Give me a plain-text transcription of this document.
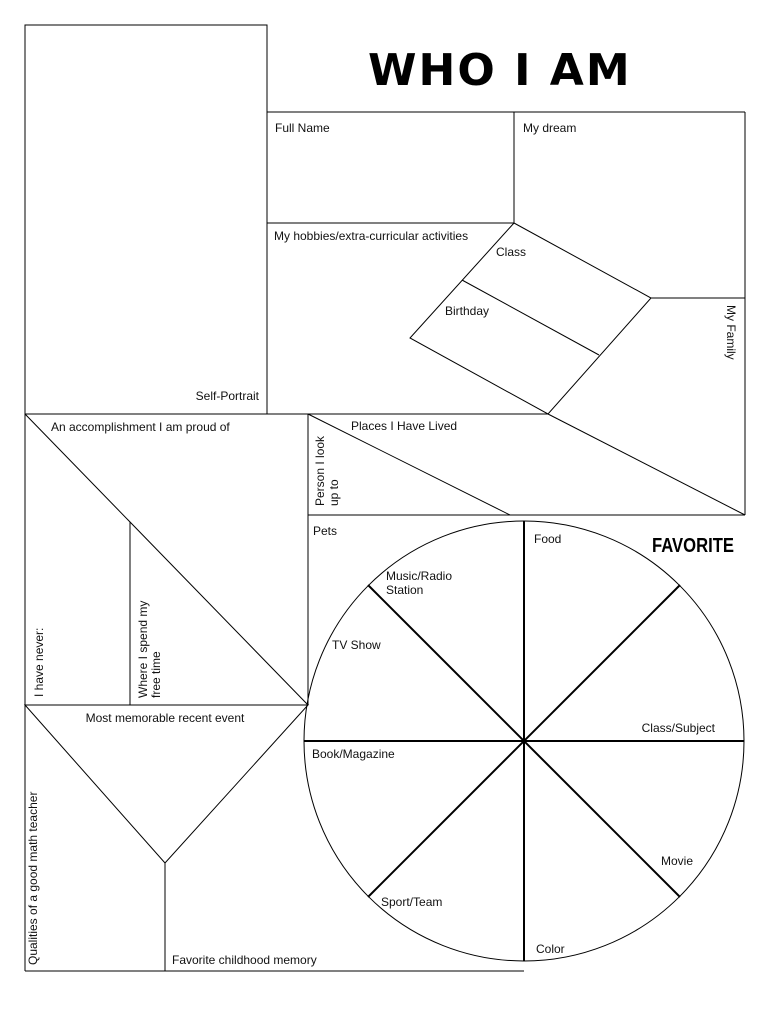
WHO I AM
Self-Portrait
Full Name	My dream
My hobbies/extra-curricular activities
Class
Birthday	My Family
An accomplishment I am proud of	Places I Have Lived
Person I look up to
Pets
I have never:	Where I spend my free time
Most memorable recent event
Qualities of a good math teacher	Favorite childhood memory
FAVORITE
Food
Music/Radio Station
TV Show
Class/Subject
Book/Magazine
Movie
Sport/Team
Color
